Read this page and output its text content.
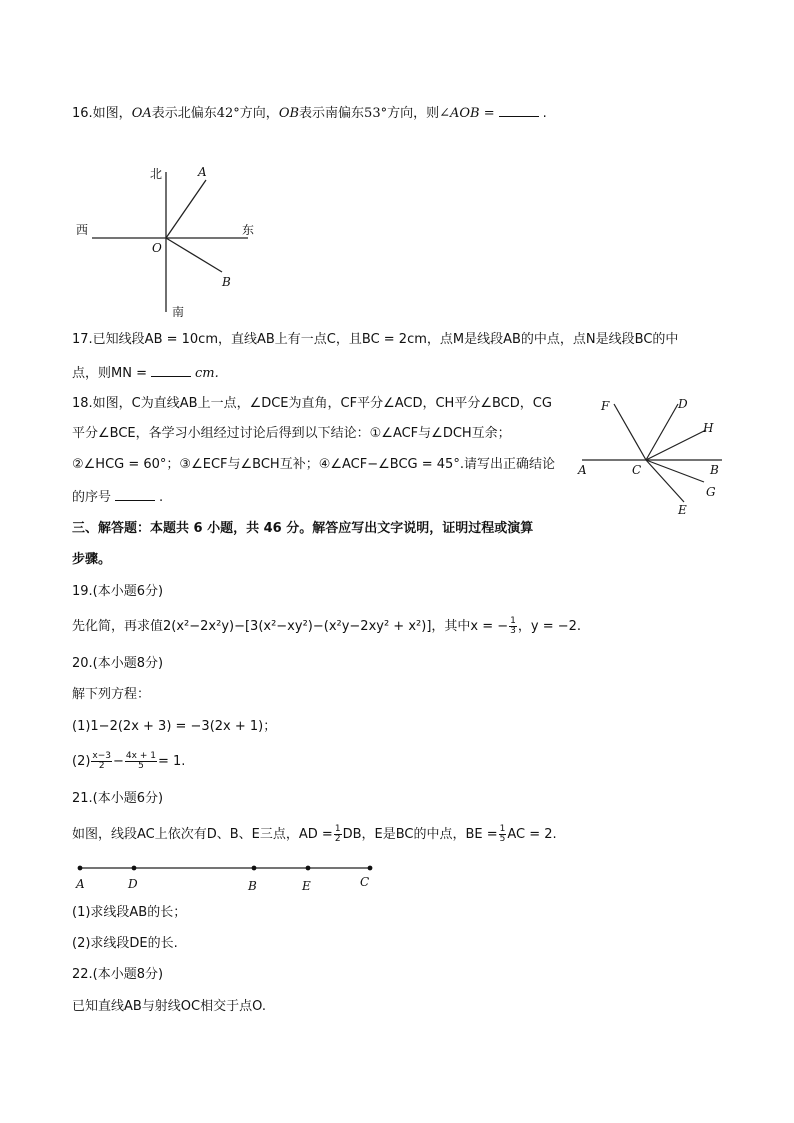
16.如图，OA表示北偏东42°方向，OB表示南偏东53°方向，则∠AOB =	.
北
南
西	东
O
A
B
17.已知线段AB = 10cm，直线AB上有一点C，且BC = 2cm，点M是线段AB的中点，点N是线段BC的中
点，则MN =	cm.
18.如图，C为直线AB上一点，∠DCE为直角，CF平分∠ACD，CH平分∠BCD，CG
平分∠BCE，各学习小组经过讨论后得到以下结论：①∠ACF与∠DCH互余；
②∠HCG = 60°；③∠ECF与∠BCH互补；④∠ACF−∠BCG = 45°.请写出正确结论
的序号	.
F	D
H
A	C	B
G
E
三、解答题：本题共 6 小题，共 46 分。解答应写出文字说明，证明过程或演算
步骤。
19.(本小题6分)
先化简，再求值2(x²−2x²y)−[3(x²−xy²)−(x²y−2xy² + x²)]，其中x = − $\frac{1}{3}$ ，y = −2.
20.(本小题8分)
解下列方程：
(1)1−2(2x + 3) = −3(2x + 1)；
$(2) \frac{x-3}{2} - \frac{4x + 1}{5} = 1$.
21.(本小题6分)
如图，线段AC上依次有D、B、E三点，AD = $\frac{1}{2}$ DB，E是BC的中点，BE = $\frac{1}{5}$ AC = 2.
A	D	B	E	C
(1)求线段AB的长；
(2)求线段DE的长.
22.(本小题8分)
已知直线AB与射线OC相交于点O.
